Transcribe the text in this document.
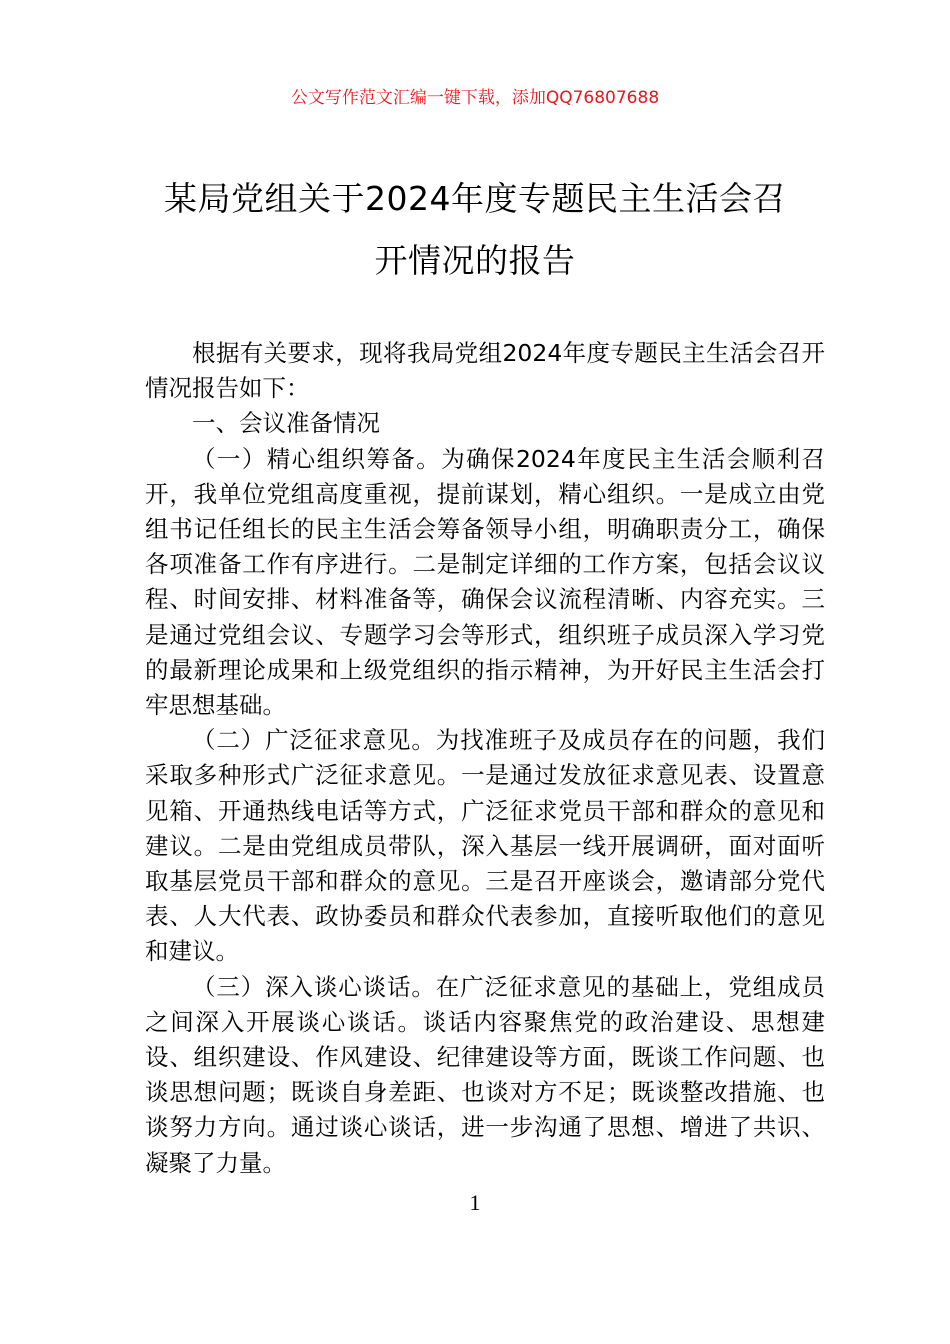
公文写作范文汇编一键下载，添加QQ76807688
某局党组关于2024年度专题民主生活会召
开情况的报告

根据有关要求，现将我局党组2024年度专题民主生活会召开情况报告如下：

一、会议准备情况

（一）精心组织筹备。为确保2024年度民主生活会顺利召开，我单位党组高度重视，提前谋划，精心组织。一是成立由党组书记任组长的民主生活会筹备领导小组，明确职责分工，确保各项准备工作有序进行。二是制定详细的工作方案，包括会议议程、时间安排、材料准备等，确保会议流程清晰、内容充实。三是通过党组会议、专题学习会等形式，组织班子成员深入学习党的最新理论成果和上级党组织的指示精神，为开好民主生活会打牢思想基础。

（二）广泛征求意见。为找准班子及成员存在的问题，我们采取多种形式广泛征求意见。一是通过发放征求意见表、设置意见箱、开通热线电话等方式，广泛征求党员干部和群众的意见和建议。二是由党组成员带队，深入基层一线开展调研，面对面听取基层党员干部和群众的意见。三是召开座谈会，邀请部分党代表、人大代表、政协委员和群众代表参加，直接听取他们的意见和建议。

（三）深入谈心谈话。在广泛征求意见的基础上，党组成员之间深入开展谈心谈话。谈话内容聚焦党的政治建设、思想建设、组织建设、作风建设、纪律建设等方面，既谈工作问题、也谈思想问题；既谈自身差距、也谈对方不足；既谈整改措施、也谈努力方向。通过谈心谈话，进一步沟通了思想、增进了共识、凝聚了力量。

1
